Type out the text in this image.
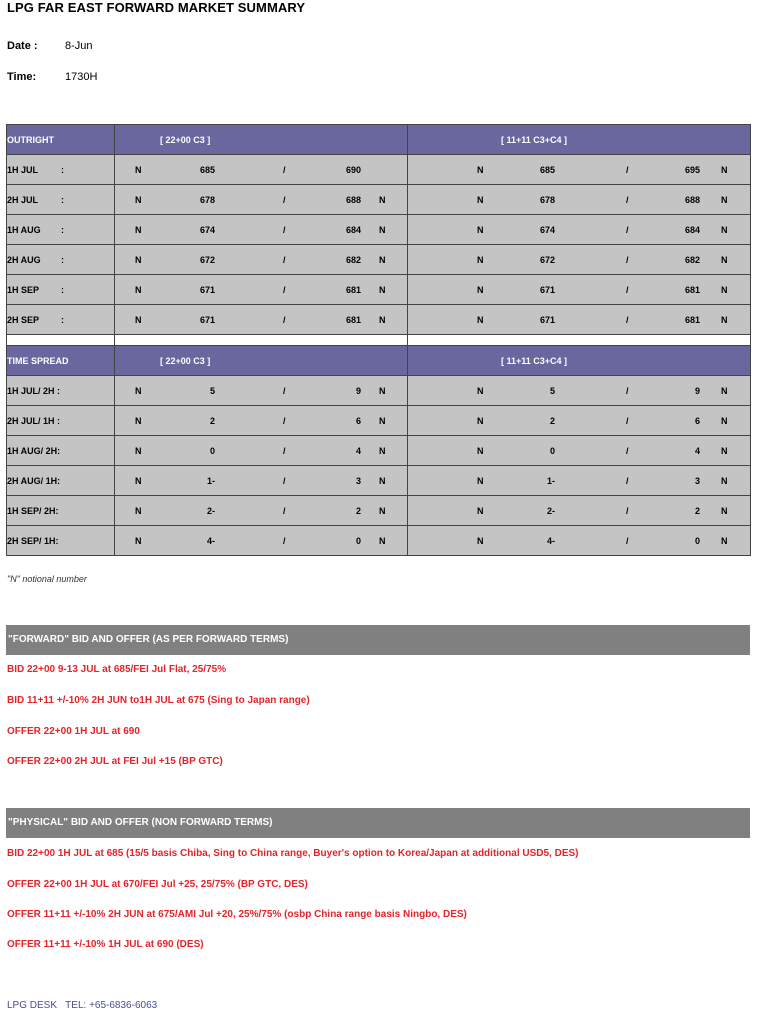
LPG FAR EAST FORWARD MARKET SUMMARY
Date : 8-Jun
Time:	1730H
OUTRIGHT	[ 22+00 C3 ]	[ 11+11 C3+C4 ]

1H JUL :	N 685 / 690	N 685 / 695 N

2H JUL :	N 678 / 688 N	N 678 / 688 N

1H AUG :	N 674 / 684 N	N 674 / 684 N

2H AUG :	N 672 / 682 N	N 672 / 682 N

1H SEP :	N 671 / 681 N	N 671 / 681 N

2H SEP :	N 671 / 681 N	N 671 / 681 N

TIME SPREAD	[ 22+00 C3 ]	[ 11+11 C3+C4 ]

1H JUL/ 2H :	N 5 / 9 N	N 5 / 9 N

2H JUL/ 1H :	N 2 / 6 N	N 2 / 6 N

1H AUG/ 2H:	N 0 / 4 N	N 0 / 4 N

2H AUG/ 1H:	N -1 / 3 N	N -1 / 3 N

1H SEP/ 2H:	N -2 / 2 N	N -2 / 2 N

2H SEP/ 1H:	N -4 / 0 N	N -4 / 0 N
"N" notional number
"FORWARD" BID AND OFFER (AS PER FORWARD TERMS)
BID 22+00 9-13 JUL at 685/FEI Jul Flat, 25/75%
BID 11+11 +/-10% 2H JUN to1H JUL at 675 (Sing to Japan range)
OFFER 22+00 1H JUL at 690
OFFER 22+00 2H JUL at FEI Jul +15 (BP GTC)
"PHYSICAL" BID AND OFFER (NON FORWARD TERMS)
BID 22+00 1H JUL at 685 (15/5 basis Chiba, Sing to China range, Buyer's option to Korea/Japan at additional USD5, DES)
OFFER 22+00 1H JUL at 670/FEI Jul +25, 25/75% (BP GTC, DES)
OFFER 11+11 +/-10% 2H JUN at 675/AMI Jul +20, 25%/75% (osbp China range basis Ningbo, DES)
OFFER 11+11 +/-10% 1H JUL at 690 (DES)
LPG DESK   TEL: +65-6836-6063
